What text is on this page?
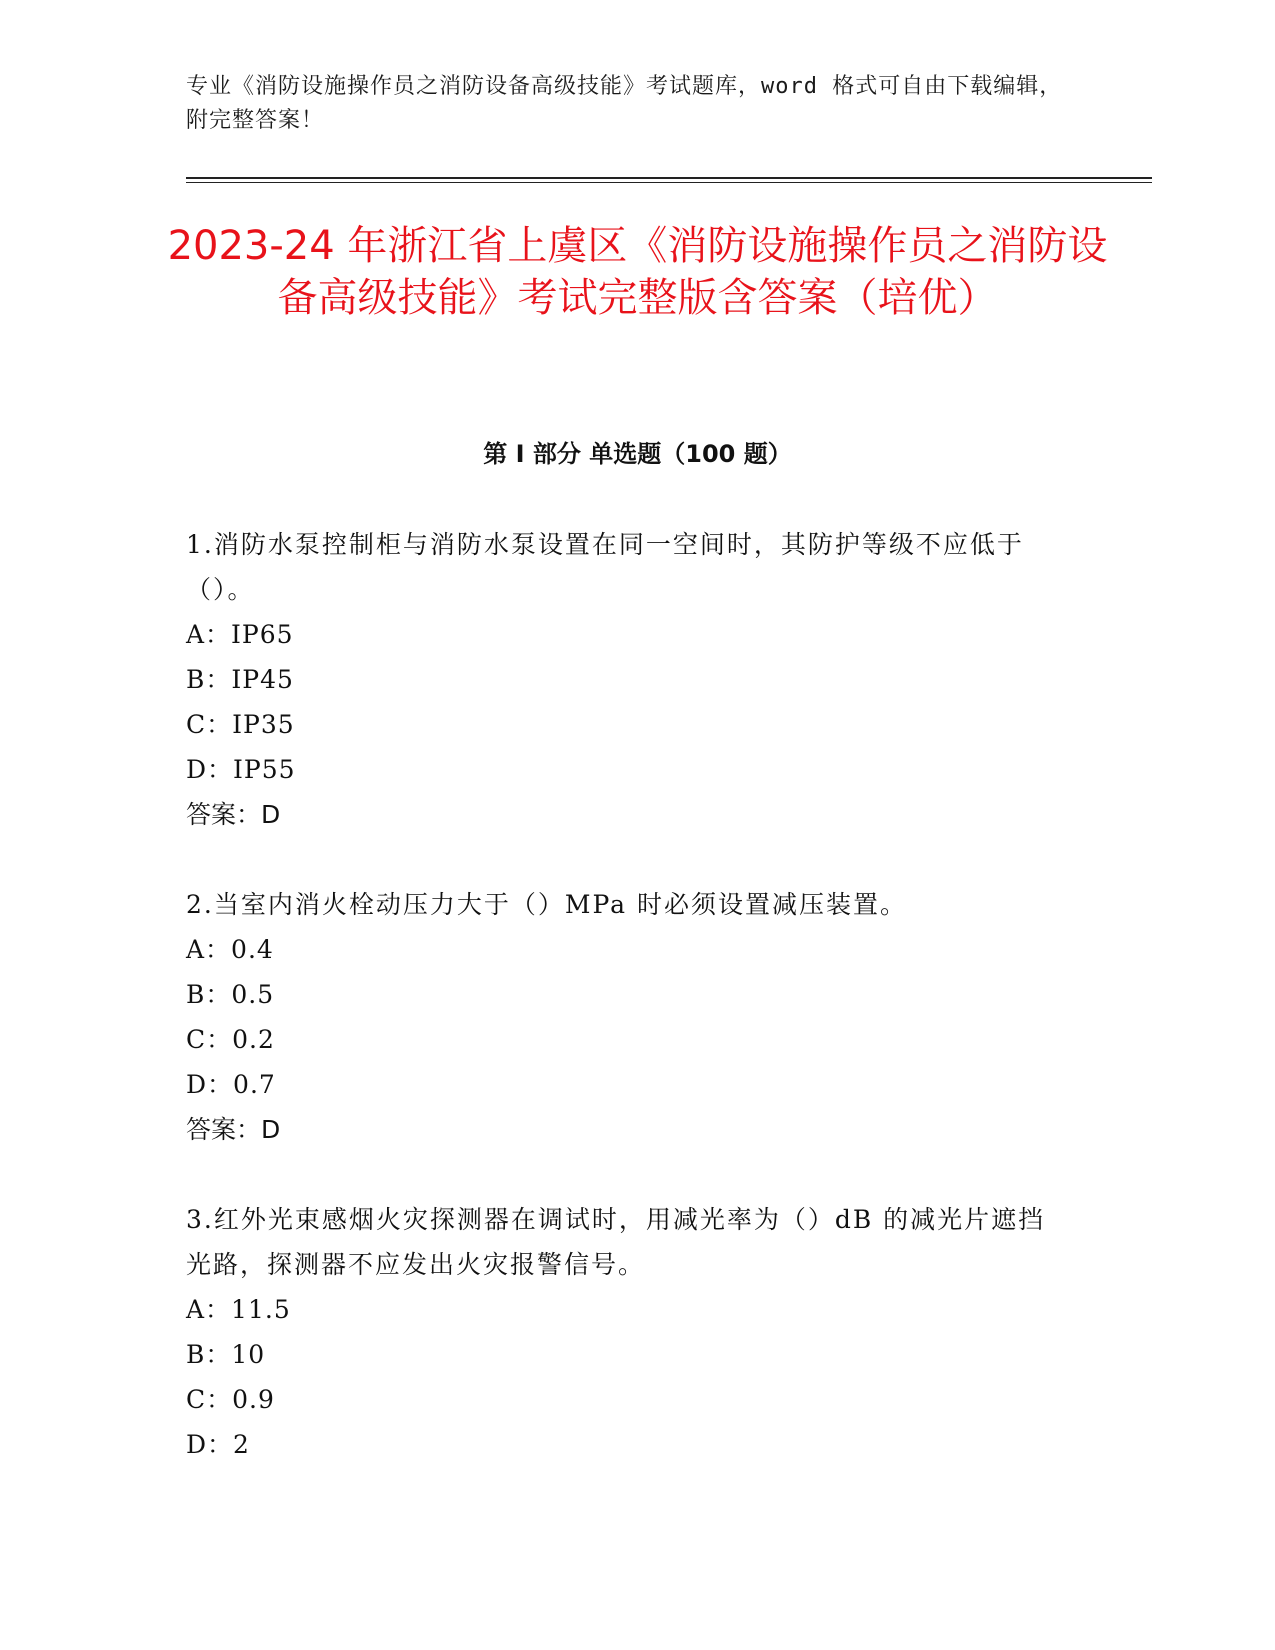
专业《消防设施操作员之消防设备高级技能》考试题库，word 格式可自由下载编辑，附完整答案！
2023-24 年浙江省上虞区《消防设施操作员之消防设备高级技能》考试完整版含答案（培优）
第 I 部分 单选题（100 题）

1.消防水泵控制柜与消防水泵设置在同一空间时，其防护等级不应低于（）。

A：IP65

B：IP45

C：IP35

D：IP55

答案：D

2.当室内消火栓动压力大于（）MPa 时必须设置减压装置。

A：0.4

B：0.5

C：0.2

D：0.7

答案：D

3.红外光束感烟火灾探测器在调试时，用减光率为（）dB 的减光片遮挡光路，探测器不应发出火灾报警信号。

A：11.5

B：10

C：0.9

D：2
